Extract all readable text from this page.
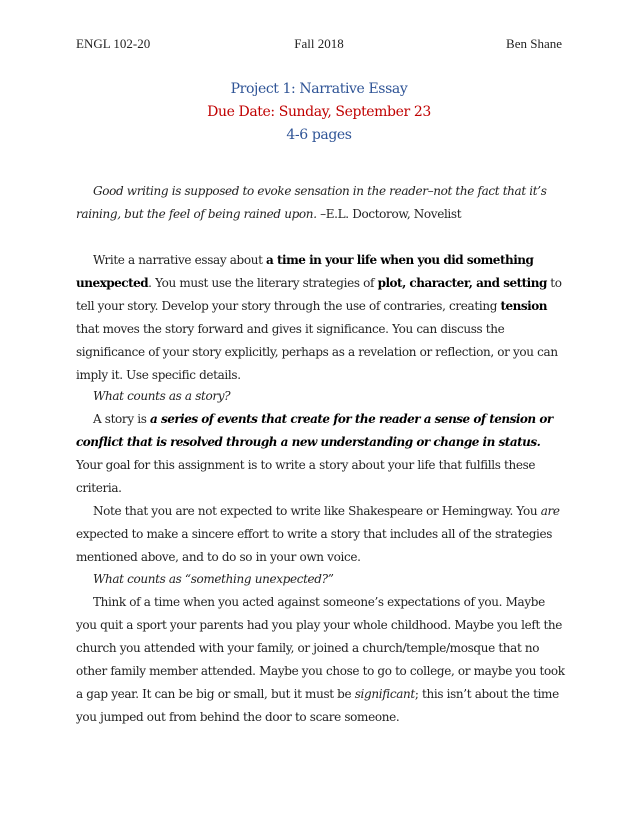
ENGL 102-20	Fall 2018	Ben Shane
Project 1: Narrative Essay
Due Date: Sunday, September 23
4-6 pages

Good writing is supposed to evoke sensation in the reader–not the fact that it’s raining, but the feel of being rained upon. –E.L. Doctorow, Novelist

Write a narrative essay about a time in your life when you did something unexpected. You must use the literary strategies of plot, character, and setting to tell your story. Develop your story through the use of contraries, creating tension that moves the story forward and gives it significance. You can discuss the significance of your story explicitly, perhaps as a revelation or reflection, or you can imply it. Use specific details.

What counts as a story?

A story is a series of events that create for the reader a sense of tension or conflict that is resolved through a new understanding or change in status. Your goal for this assignment is to write a story about your life that fulfills these criteria.

Note that you are not expected to write like Shakespeare or Hemingway. You are expected to make a sincere effort to write a story that includes all of the strategies mentioned above, and to do so in your own voice.

What counts as “something unexpected?”

Think of a time when you acted against someone’s expectations of you. Maybe you quit a sport your parents had you play your whole childhood. Maybe you left the church you attended with your family, or joined a church/temple/mosque that no other family member attended. Maybe you chose to go to college, or maybe you took a gap year. It can be big or small, but it must be significant; this isn’t about the time you jumped out from behind the door to scare someone.
